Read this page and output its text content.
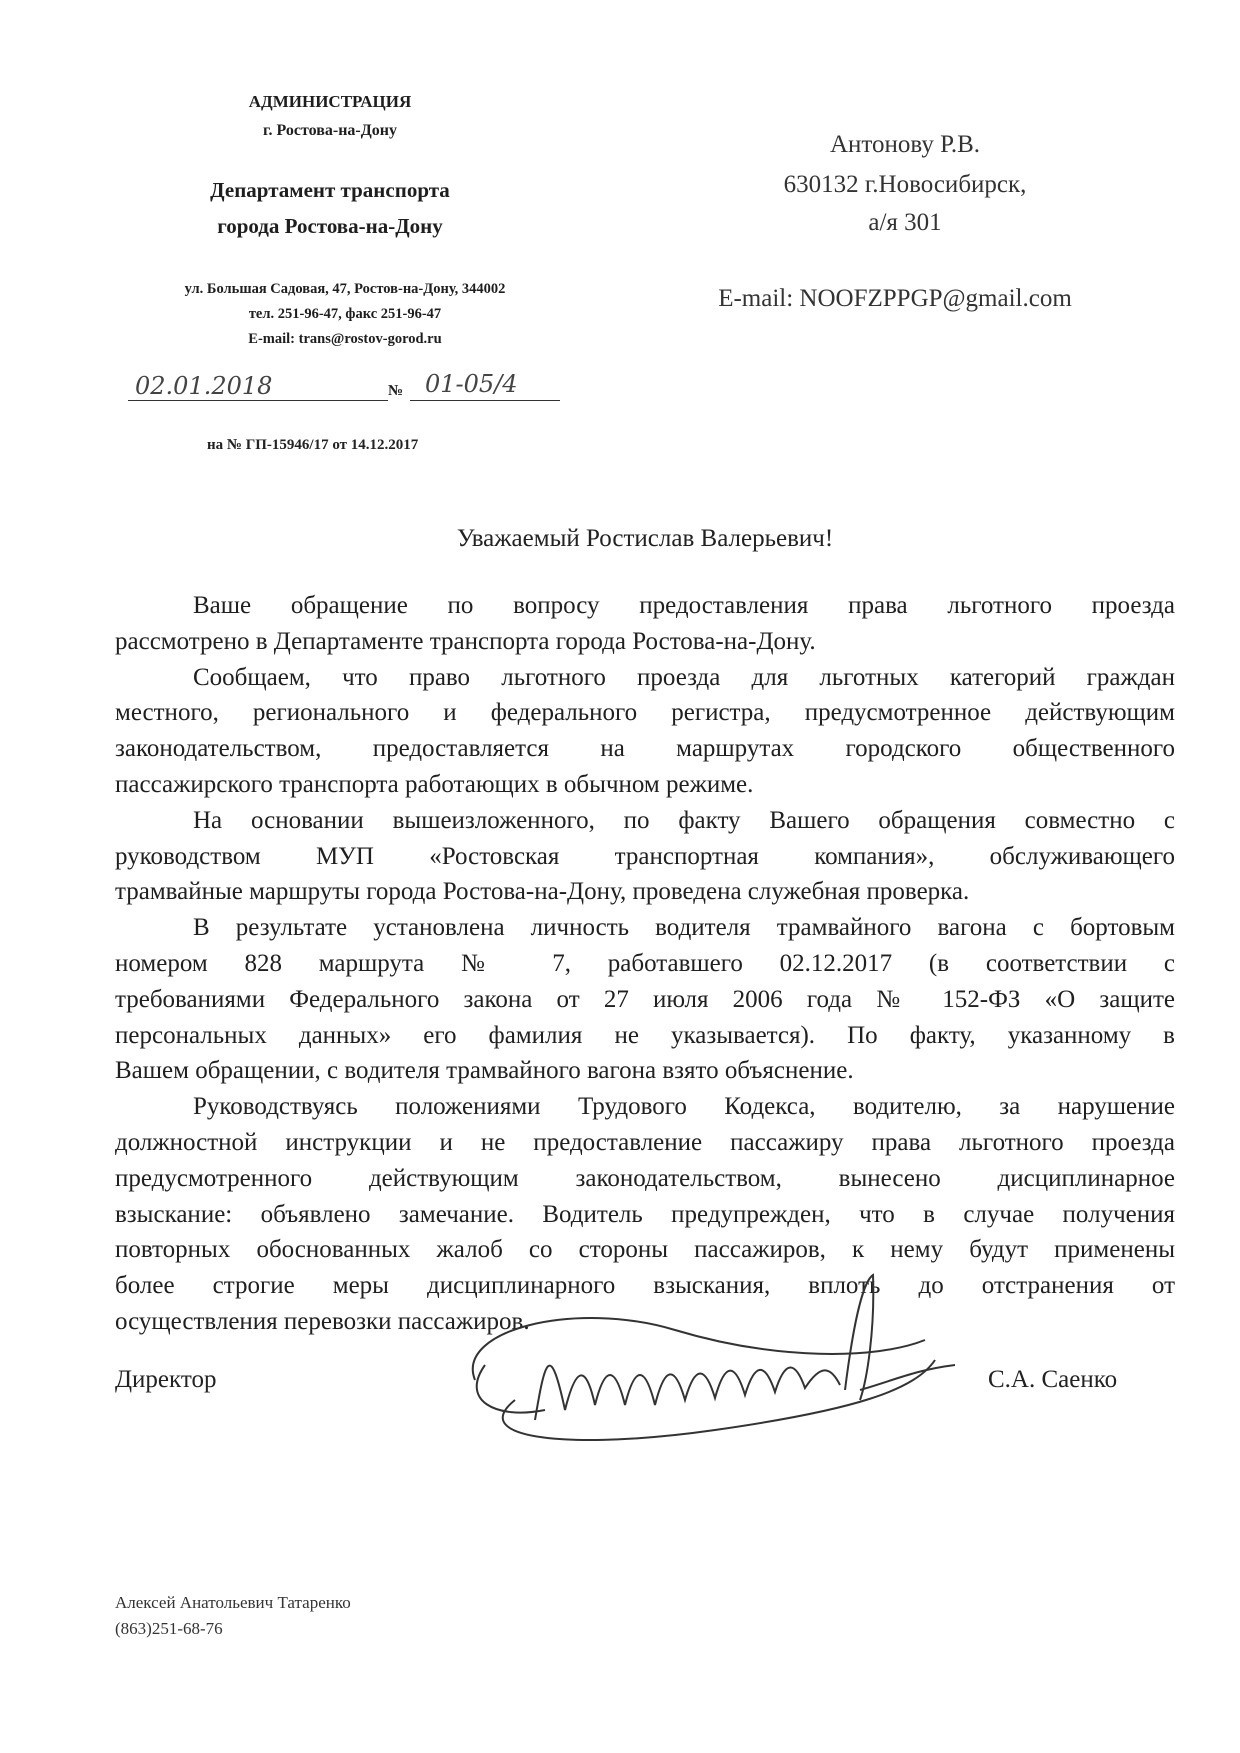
АДМИНИСТРАЦИЯ
г. Ростова-на-Дону
Департамент транспорта
города Ростова-на-Дону
ул. Большая Садовая, 47, Ростов-на-Дону, 344002
тел. 251-96-47, факс 251-96-47
E-mail: trans@rostov-gorod.ru
02.01.2018	№ 01-05/4
на № ГП-15946/17 от 14.12.2017
Антонову Р.В.
630132 г.Новосибирск,
а/я 301
E-mail: NOOFZPPGP@gmail.com
Уважаемый Ростислав Валерьевич!
Ваше обращение по вопросу предоставления права льготного проезда
рассмотрено в Департаменте транспорта города Ростова-на-Дону.
Сообщаем, что право льготного проезда для льготных категорий граждан
местного, регионального и федерального регистра, предусмотренное действующим
законодательством, предоставляется на маршрутах городского общественного
пассажирского транспорта работающих в обычном режиме.
На основании вышеизложенного, по факту Вашего обращения совместно с
руководством МУП «Ростовская транспортная компания», обслуживающего
трамвайные маршруты города Ростова-на-Дону, проведена служебная проверка.
В результате установлена личность водителя трамвайного вагона с бортовым
номером 828 маршрута № 7, работавшего 02.12.2017 (в соответствии с
требованиями Федерального закона от 27 июля 2006 года № 152-ФЗ «О защите
персональных данных» его фамилия не указывается). По факту, указанному в
Вашем обращении, с водителя трамвайного вагона взято объяснение.
Руководствуясь положениями Трудового Кодекса, водителю, за нарушение
должностной инструкции и не предоставление пассажиру права льготного проезда
предусмотренного действующим законодательством, вынесено дисциплинарное
взыскание: объявлено замечание. Водитель предупрежден, что в случае получения
повторных обоснованных жалоб со стороны пассажиров, к нему будут применены
более строгие меры дисциплинарного взыскания, вплоть до отстранения от
осуществления перевозки пассажиров.
Директор	С.А. Саенко
Алексей Анатольевич Татаренко
(863)251-68-76
